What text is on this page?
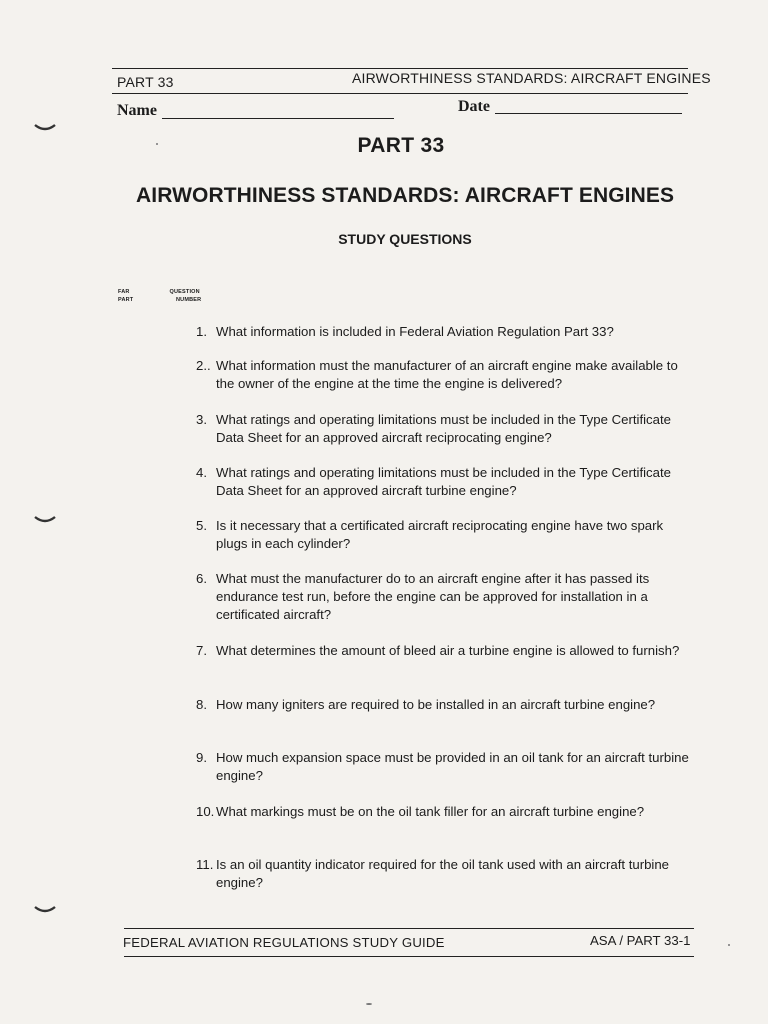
PART 33	AIRWORTHINESS STANDARDS: AIRCRAFT ENGINES
Name	Date
PART 33
AIRWORTHINESS STANDARDS: AIRCRAFT ENGINES
STUDY QUESTIONS
FAR
PART
QUESTION
NUMBER
1. What information is included in Federal Aviation Regulation Part 33?
2.. What information must the manufacturer of an aircraft engine make available to the owner of the engine at the time the engine is delivered?
3. What ratings and operating limitations must be included in the Type Certificate Data Sheet for an approved aircraft reciprocating engine?
4. What ratings and operating limitations must be included in the Type Certificate Data Sheet for an approved aircraft turbine engine?
5. Is it necessary that a certificated aircraft reciprocating engine have two spark plugs in each cylinder?
6. What must the manufacturer do to an aircraft engine after it has passed its endurance test run, before the engine can be approved for installation in a certificated aircraft?
7. What determines the amount of bleed air a turbine engine is allowed to furnish?
8. How many igniters are required to be installed in an aircraft turbine engine?
9. How much expansion space must be provided in an oil tank for an aircraft turbine engine?
10. What markings must be on the oil tank filler for an aircraft turbine engine?
11. Is an oil quantity indicator required for the oil tank used with an aircraft turbine engine?
FEDERAL AVIATION REGULATIONS STUDY GUIDE	ASA / PART 33-1
